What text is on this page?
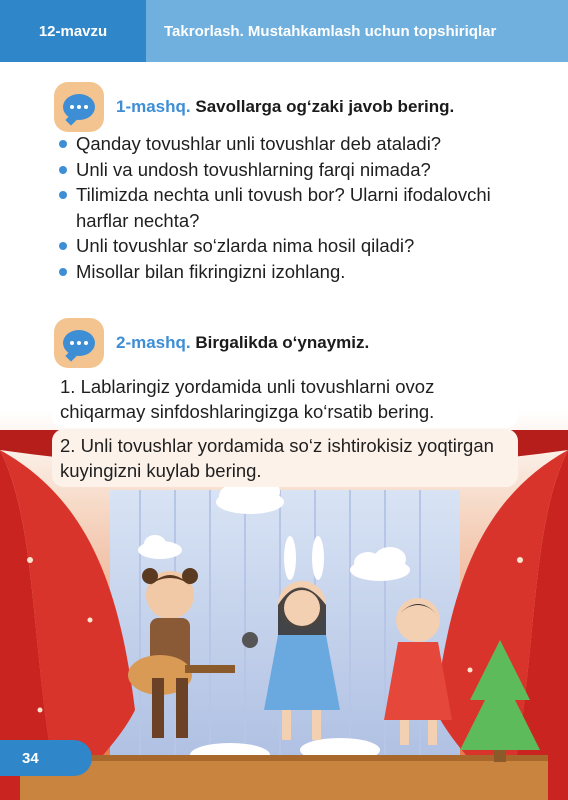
12-mavzu	Takrorlash. Mustahkamlash uchun topshiriqlar
1-mashq. Savollarga og‘zaki javob bering.
Qanday tovushlar unli tovushlar deb ataladi?
Unli va undosh tovushlarning farqi nimada?
Tilimizda nechta unli tovush bor? Ularni ifodalovchi harflar nechta?
Unli tovushlar so‘zlarda nima hosil qiladi?
Misollar bilan fikringizni izohlang.
1. Lablaringiz yordamida unli tovushlarni ovoz chiqarmay sinfdoshlaringizga ko‘rsatib bering.
2. Unli tovushlar yordamida so‘z ishtirokisiz yoqtirgan kuyingizni kuylab bering.
2-mashq. Birgalikda o‘ynaymiz.
34
